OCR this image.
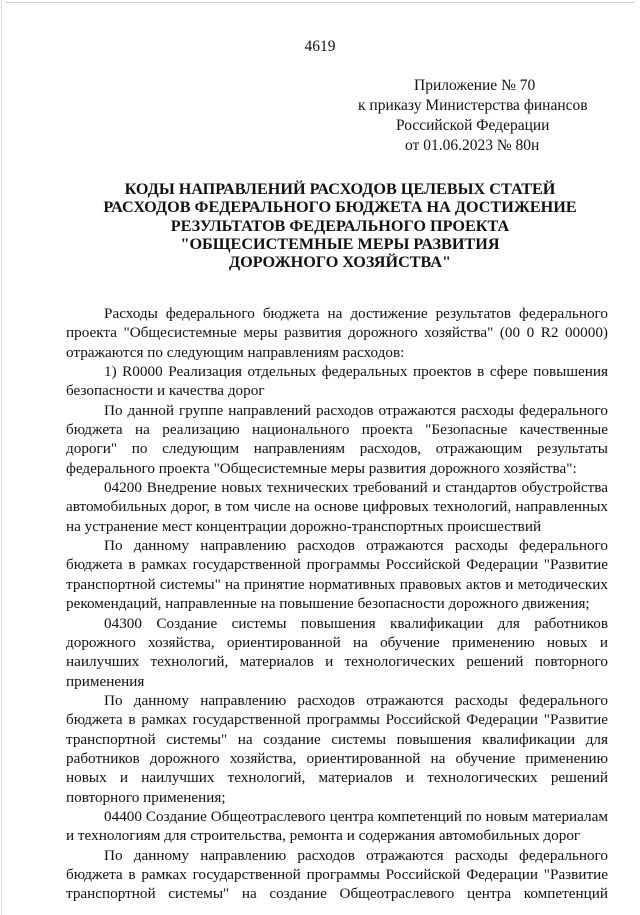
4619
Приложение № 70
к приказу Министерства финансов
Российской Федерации
от 01.06.2023 № 80н
КОДЫ НАПРАВЛЕНИЙ РАСХОДОВ ЦЕЛЕВЫХ СТАТЕЙ
РАСХОДОВ ФЕДЕРАЛЬНОГО БЮДЖЕТА НА ДОСТИЖЕНИЕ
РЕЗУЛЬТАТОВ ФЕДЕРАЛЬНОГО ПРОЕКТА
"ОБЩЕСИСТЕМНЫЕ МЕРЫ РАЗВИТИЯ
ДОРОЖНОГО ХОЗЯЙСТВА"

Расходы федерального бюджета на достижение результатов федерального проекта "Общесистемные меры развития дорожного хозяйства" (00 0 R2 00000) отражаются по следующим направлениям расходов:

1) R0000 Реализация отдельных федеральных проектов в сфере повышения безопасности и качества дорог

По данной группе направлений расходов отражаются расходы федерального бюджета на реализацию национального проекта "Безопасные качественные дороги" по следующим направлениям расходов, отражающим результаты федерального проекта "Общесистемные меры развития дорожного хозяйства":

04200 Внедрение новых технических требований и стандартов обустройства автомобильных дорог, в том числе на основе цифровых технологий, направленных на устранение мест концентрации дорожно-транспортных происшествий

По данному направлению расходов отражаются расходы федерального бюджета в рамках государственной программы Российской Федерации "Развитие транспортной системы" на принятие нормативных правовых актов и методических рекомендаций, направленные на повышение безопасности дорожного движения;

04300 Создание системы повышения квалификации для работников дорожного хозяйства, ориентированной на обучение применению новых и наилучших технологий, материалов и технологических решений повторного применения

По данному направлению расходов отражаются расходы федерального бюджета в рамках государственной программы Российской Федерации "Развитие транспортной системы" на создание системы повышения квалификации для работников дорожного хозяйства, ориентированной на обучение применению новых и наилучших технологий, материалов и технологических решений повторного применения;

04400 Создание Общеотраслевого центра компетенций по новым материалам и технологиям для строительства, ремонта и содержания автомобильных дорог

По данному направлению расходов отражаются расходы федерального бюджета в рамках государственной программы Российской Федерации "Развитие транспортной системы" на создание Общеотраслевого центра компетенций
